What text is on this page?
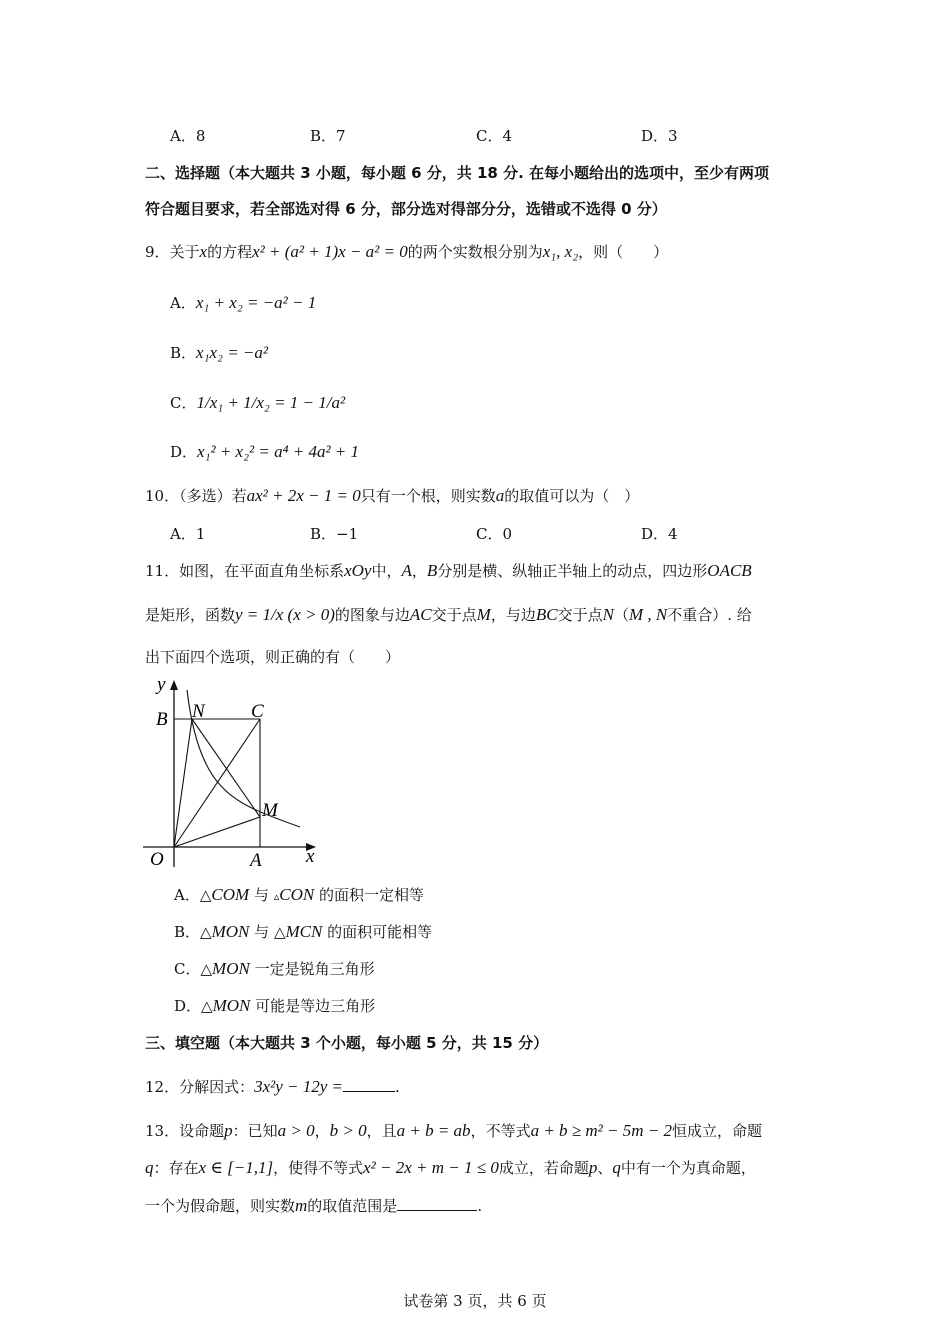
A．8	B．7	C．4	D．3
二、选择题（本大题共 3 小题，每小题 6 分，共 18 分. 在每小题给出的选项中，至少有两项
符合题目要求，若全部选对得 6 分，部分选对得部分分，选错或不选得 0 分）
9．关于x的方程x² + (a² + 1)x − a² = 0的两个实数根分别为x₁, x₂，则（　　）
A．x₁ + x₂ = −a² − 1
B．x₁x₂ = −a²
C．1/x₁ + 1/x₂ = 1 − 1/a²
D．x₁² + x₂² = a⁴ + 4a² + 1
10．（多选）若ax² + 2x − 1 = 0只有一个根，则实数a的取值可以为（　）
A．1	B．−1	C．0	D．4
11．如图，在平面直角坐标系xOy中，A，B分别是横、纵轴正半轴上的动点，四边形OACB
是矩形，函数y = 1/x (x > 0)的图象与边AC交于点M，与边BC交于点N（M , N不重合）. 给
出下面四个选项，则正确的有（　　）
y
x
O	A
B	C
N
M
A．△COM 与 ▵CON 的面积一定相等
B．△MON 与 △MCN 的面积可能相等
C．△MON 一定是锐角三角形
D．△MON 可能是等边三角形
三、填空题（本大题共 3 个小题，每小题 5 分，共 15 分）
12．分解因式：3x²y − 12y =	.
13．设命题p：已知a > 0，b > 0，且a + b = ab，不等式a + b ≥ m² − 5m − 2恒成立，命题
q：存在x ∈ [−1,1]，使得不等式x² − 2x + m − 1 ≤ 0成立，若命题p、q中有一个为真命题，
一个为假命题，则实数m的取值范围是	.
试卷第 3 页，共 6 页
